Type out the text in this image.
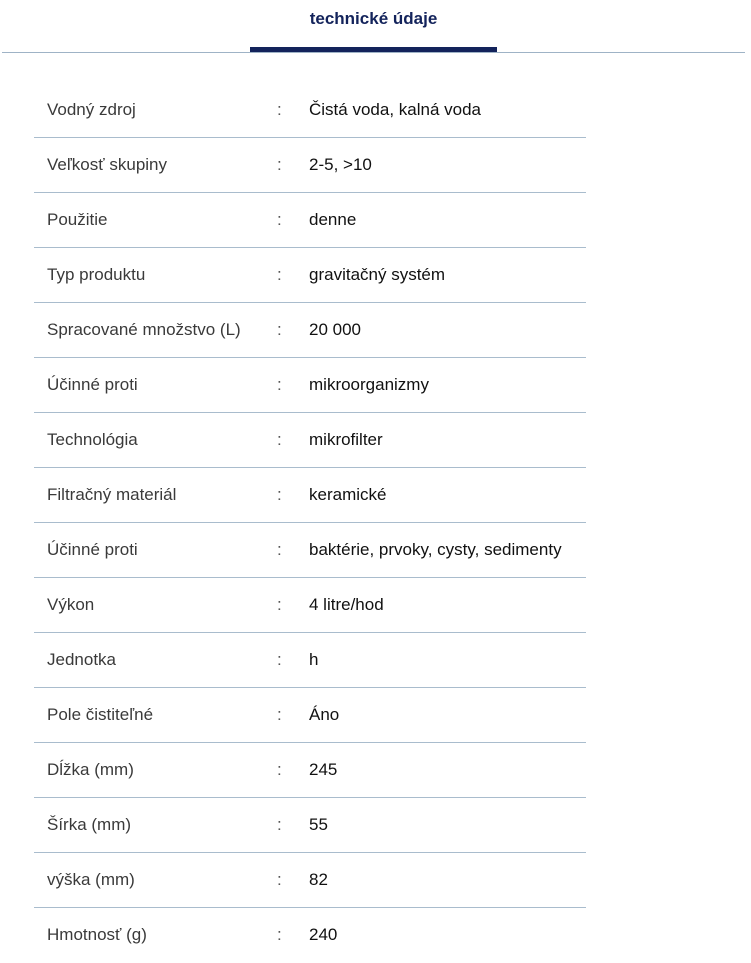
technické údaje
Vodný zdroj	: Čistá voda, kalná voda
Veľkosť skupiny	: 2-5, >10
Použitie	: denne
Typ produktu	: gravitačný systém
Spracované množstvo (L) : 20 000
Účinné proti	: mikroorganizmy
Technológia	: mikrofilter
Filtračný materiál	: keramické
Účinné proti	: baktérie, prvoky, cysty, sedimenty
Výkon	: 4 litre/hod
Jednotka	: h
Pole čistiteľné	: Áno
Dĺžka (mm)	: 245
Šírka (mm)	: 55
výška (mm)	: 82
Hmotnosť (g)	: 240
